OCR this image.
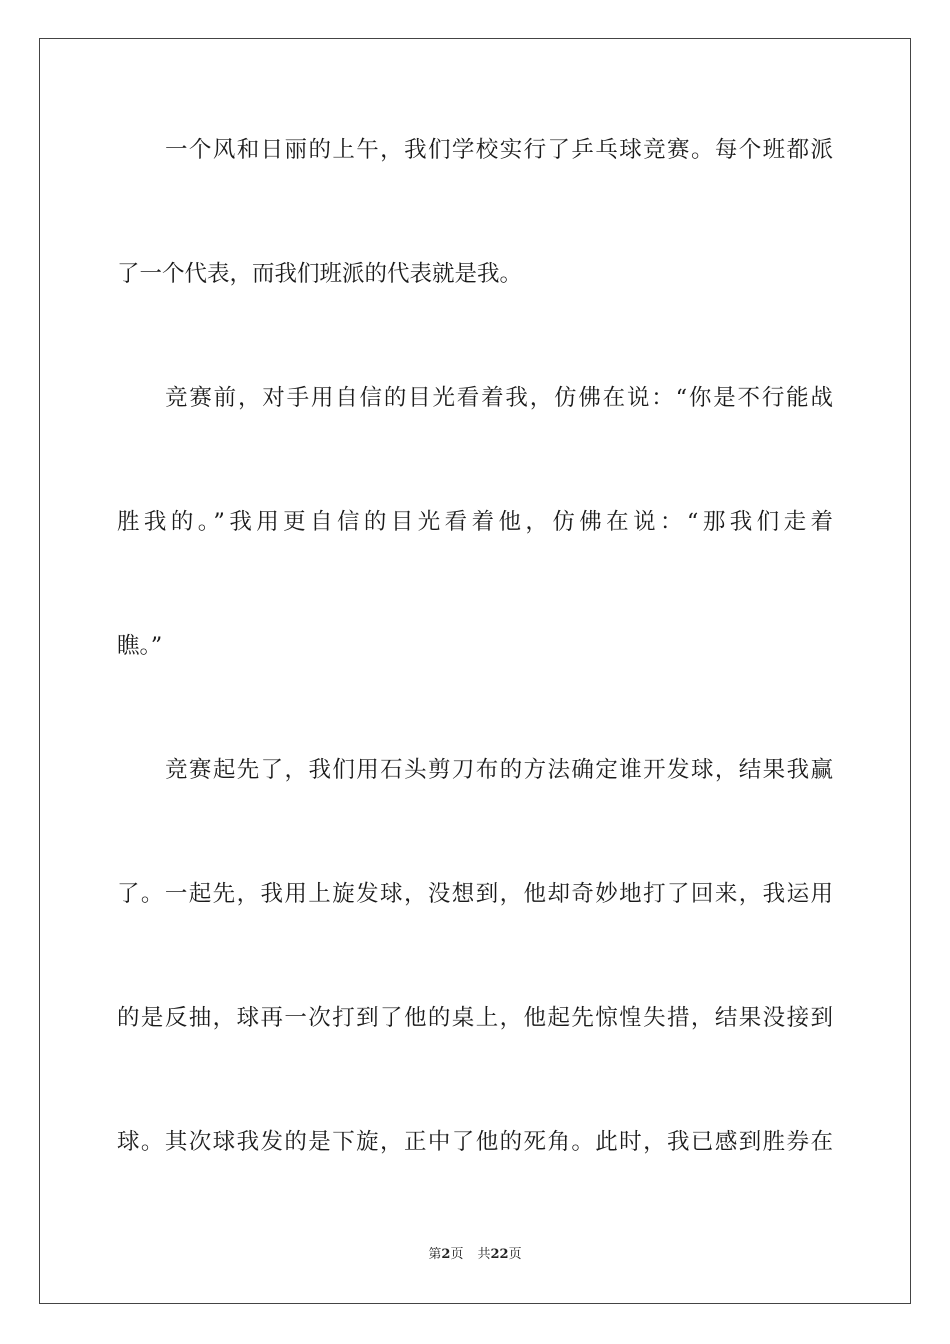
一个风和日丽的上午，我们学校实行了乒乓球竞赛。每个班都派
了一个代表，而我们班派的代表就是我。
竞赛前，对手用自信的目光看着我，仿佛在说：“你是不行能战
胜我的。”我用更自信的目光看着他，仿佛在说：“那我们走着
瞧。”
竞赛起先了，我们用石头剪刀布的方法确定谁开发球，结果我赢
了。一起先，我用上旋发球，没想到，他却奇妙地打了回来，我运用
的是反抽，球再一次打到了他的桌上，他起先惊惶失措，结果没接到
球。其次球我发的是下旋，正中了他的死角。此时，我已感到胜券在
第2页 共22页
